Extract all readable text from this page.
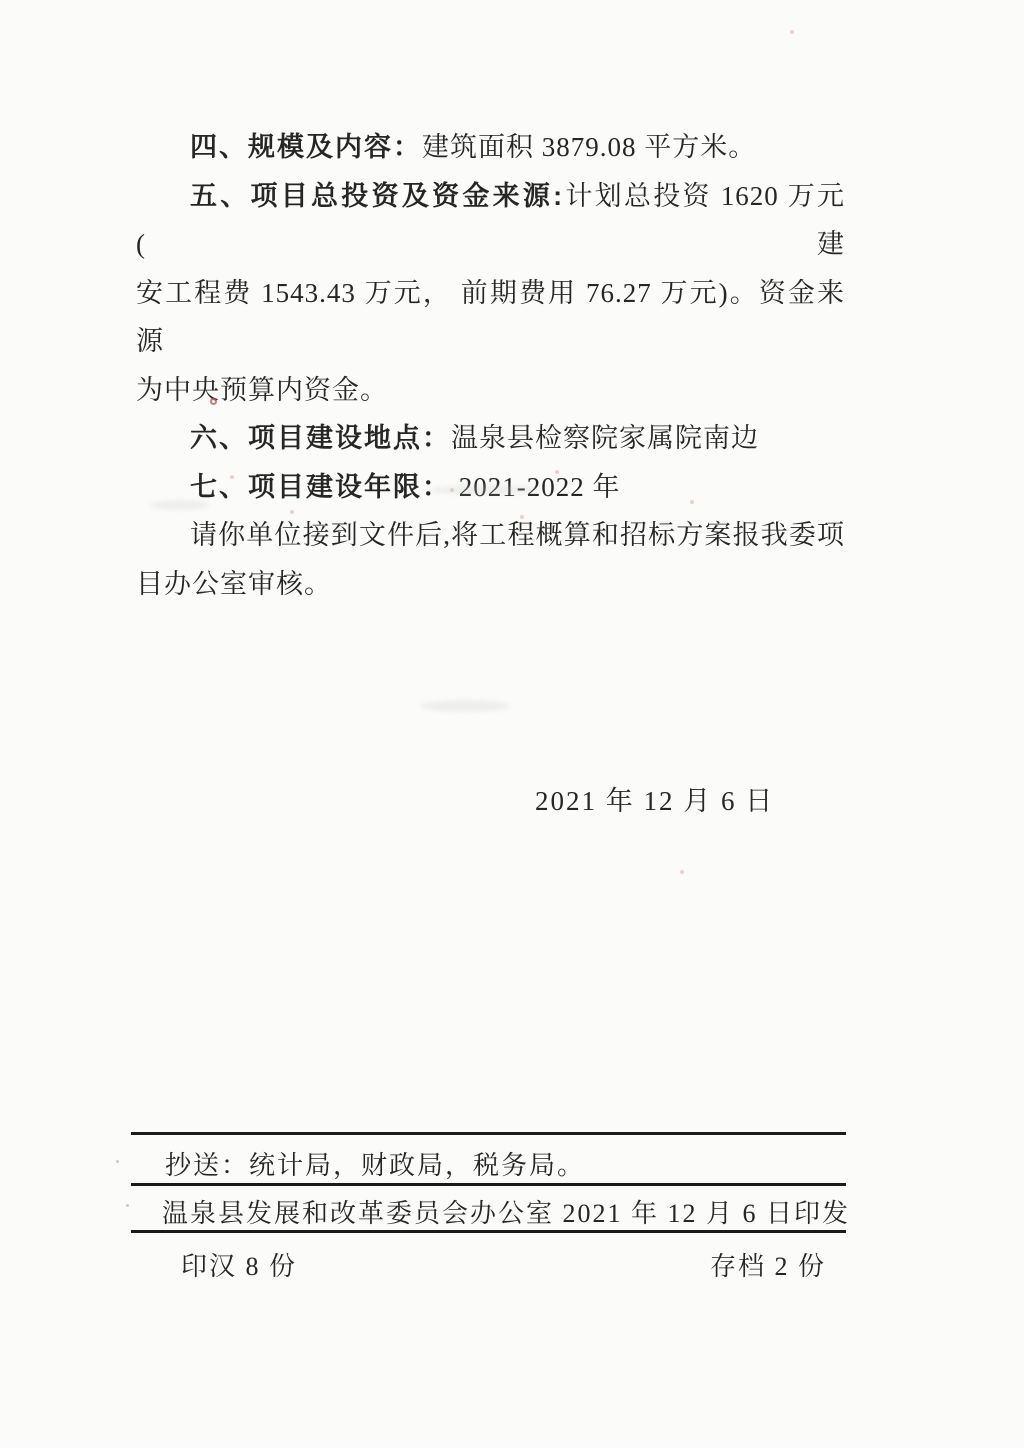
四、规模及内容：建筑面积 3879.08 平方米。
五、项目总投资及资金来源:计划总投资 1620 万元(建
安工程费 1543.43 万元， 前期费用 76.27 万元)。资金来源
为中央预算内资金。
六、项目建设地点：温泉县检察院家属院南边
七、项目建设年限： 2021-2022 年
请你单位接到文件后,将工程概算和招标方案报我委项
目办公室审核。
2021 年 12 月 6 日
抄送：统计局，财政局，税务局。
温泉县发展和改革委员会办公室 2021 年 12 月 6 日印发
印汉 8 份	存档 2 份
